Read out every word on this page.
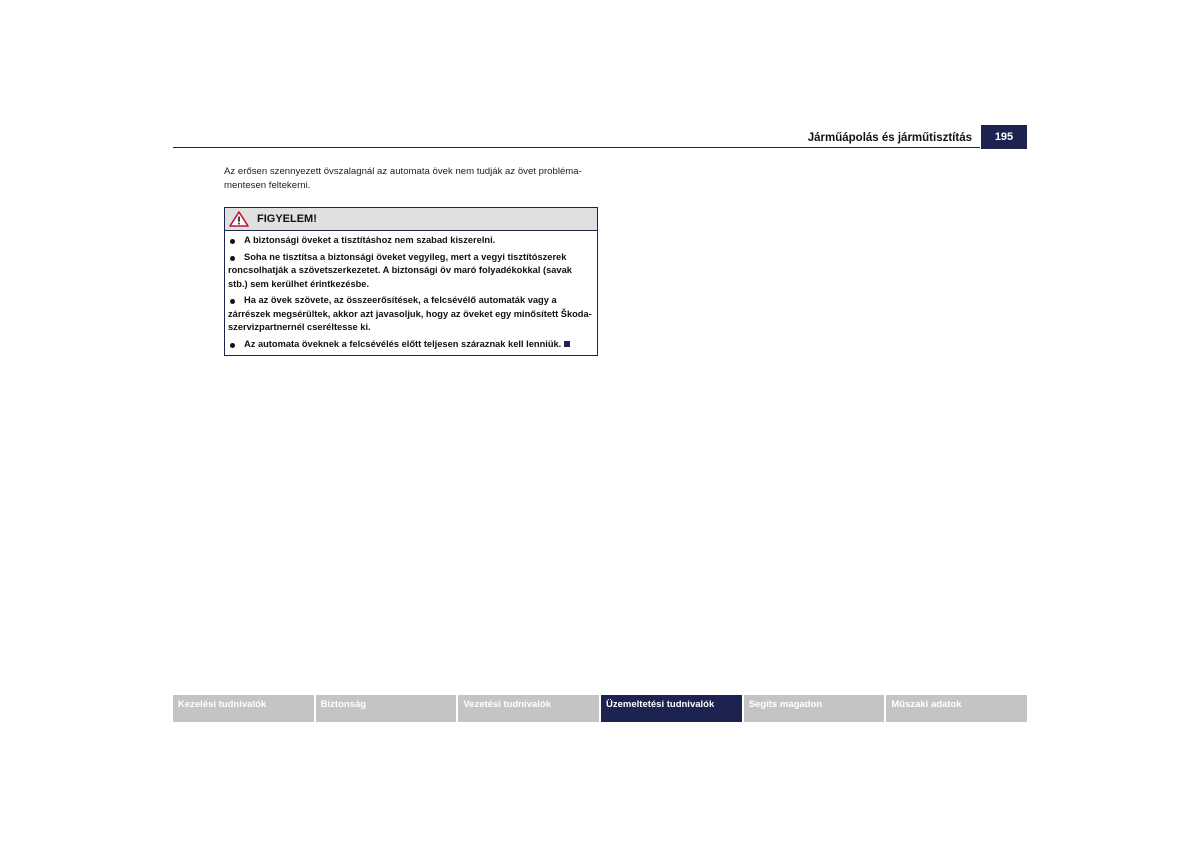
Járműápolás és járműtisztítás	195
Az erősen szennyezett övszalagnál az automata övek nem tudják az övet probléma-
mentesen feltekerni.
FIGYELEM!
A biztonsági öveket a tisztításhoz nem szabad kiszerelni.
Soha ne tisztítsa a biztonsági öveket vegyileg, mert a vegyi tisztítószerek roncsolhatják a szövetszerkezetet. A biztonsági öv maró folyadékokkal (savak stb.) sem kerülhet érintkezésbe.
Ha az övek szövete, az összeerősítések, a felcsévélő automaták vagy a zárrészek megsérültek, akkor azt javasoljuk, hogy az öveket egy minősített Škoda-szervizpartnernél cseréltesse ki.
Az automata öveknek a felcsévélés előtt teljesen száraznak kell lenniük.
Kezelési tudnivalók	Biztonság	Vezetési tudnivalók	Üzemeltetési tudnivalók	Segíts magadon	Műszaki adatok
